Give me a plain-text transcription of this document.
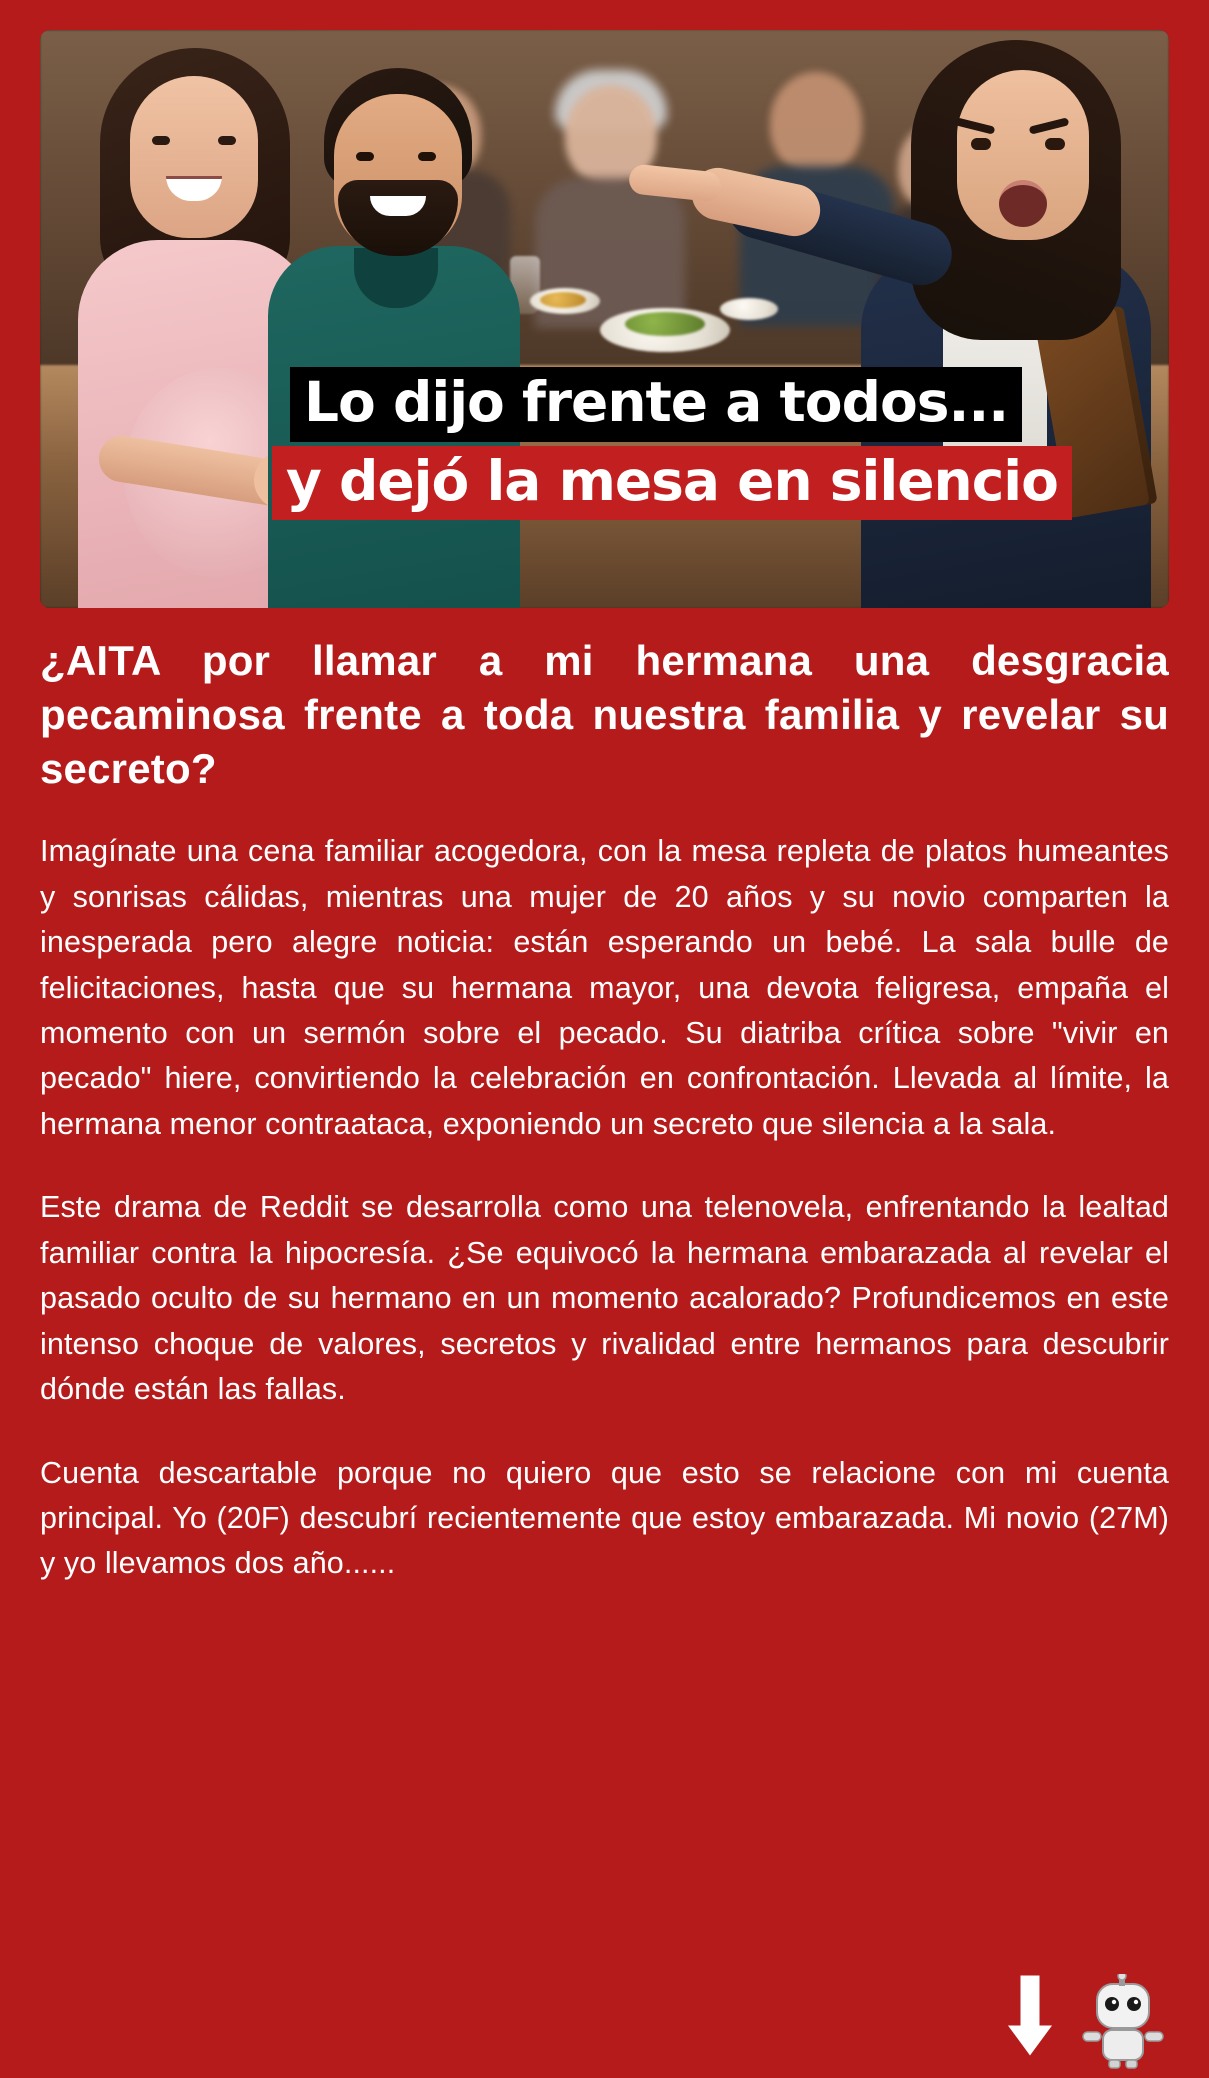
Lo dijo frente a todos...
y dejó la mesa en silencio
¿AITA por llamar a mi hermana una desgracia pecaminosa frente a toda nuestra familia y revelar su secreto?

Imagínate una cena familiar acogedora, con la mesa repleta de platos humeantes y sonrisas cálidas, mientras una mujer de 20 años y su novio comparten la inesperada pero alegre noticia: están esperando un bebé. La sala bulle de felicitaciones, hasta que su hermana mayor, una devota feligresa, empaña el momento con un sermón sobre el pecado. Su diatriba crítica sobre "vivir en pecado" hiere, convirtiendo la celebración en confrontación. Llevada al límite, la hermana menor contraataca, exponiendo un secreto que silencia a la sala.

Este drama de Reddit se desarrolla como una telenovela, enfrentando la lealtad familiar contra la hipocresía. ¿Se equivocó la hermana embarazada al revelar el pasado oculto de su hermano en un momento acalorado? Profundicemos en este intenso choque de valores, secretos y rivalidad entre hermanos para descubrir dónde están las fallas.

Cuenta descartable porque no quiero que esto se relacione con mi cuenta principal. Yo (20F) descubrí recientemente que estoy embarazada. Mi novio (27M) y yo llevamos dos año......
